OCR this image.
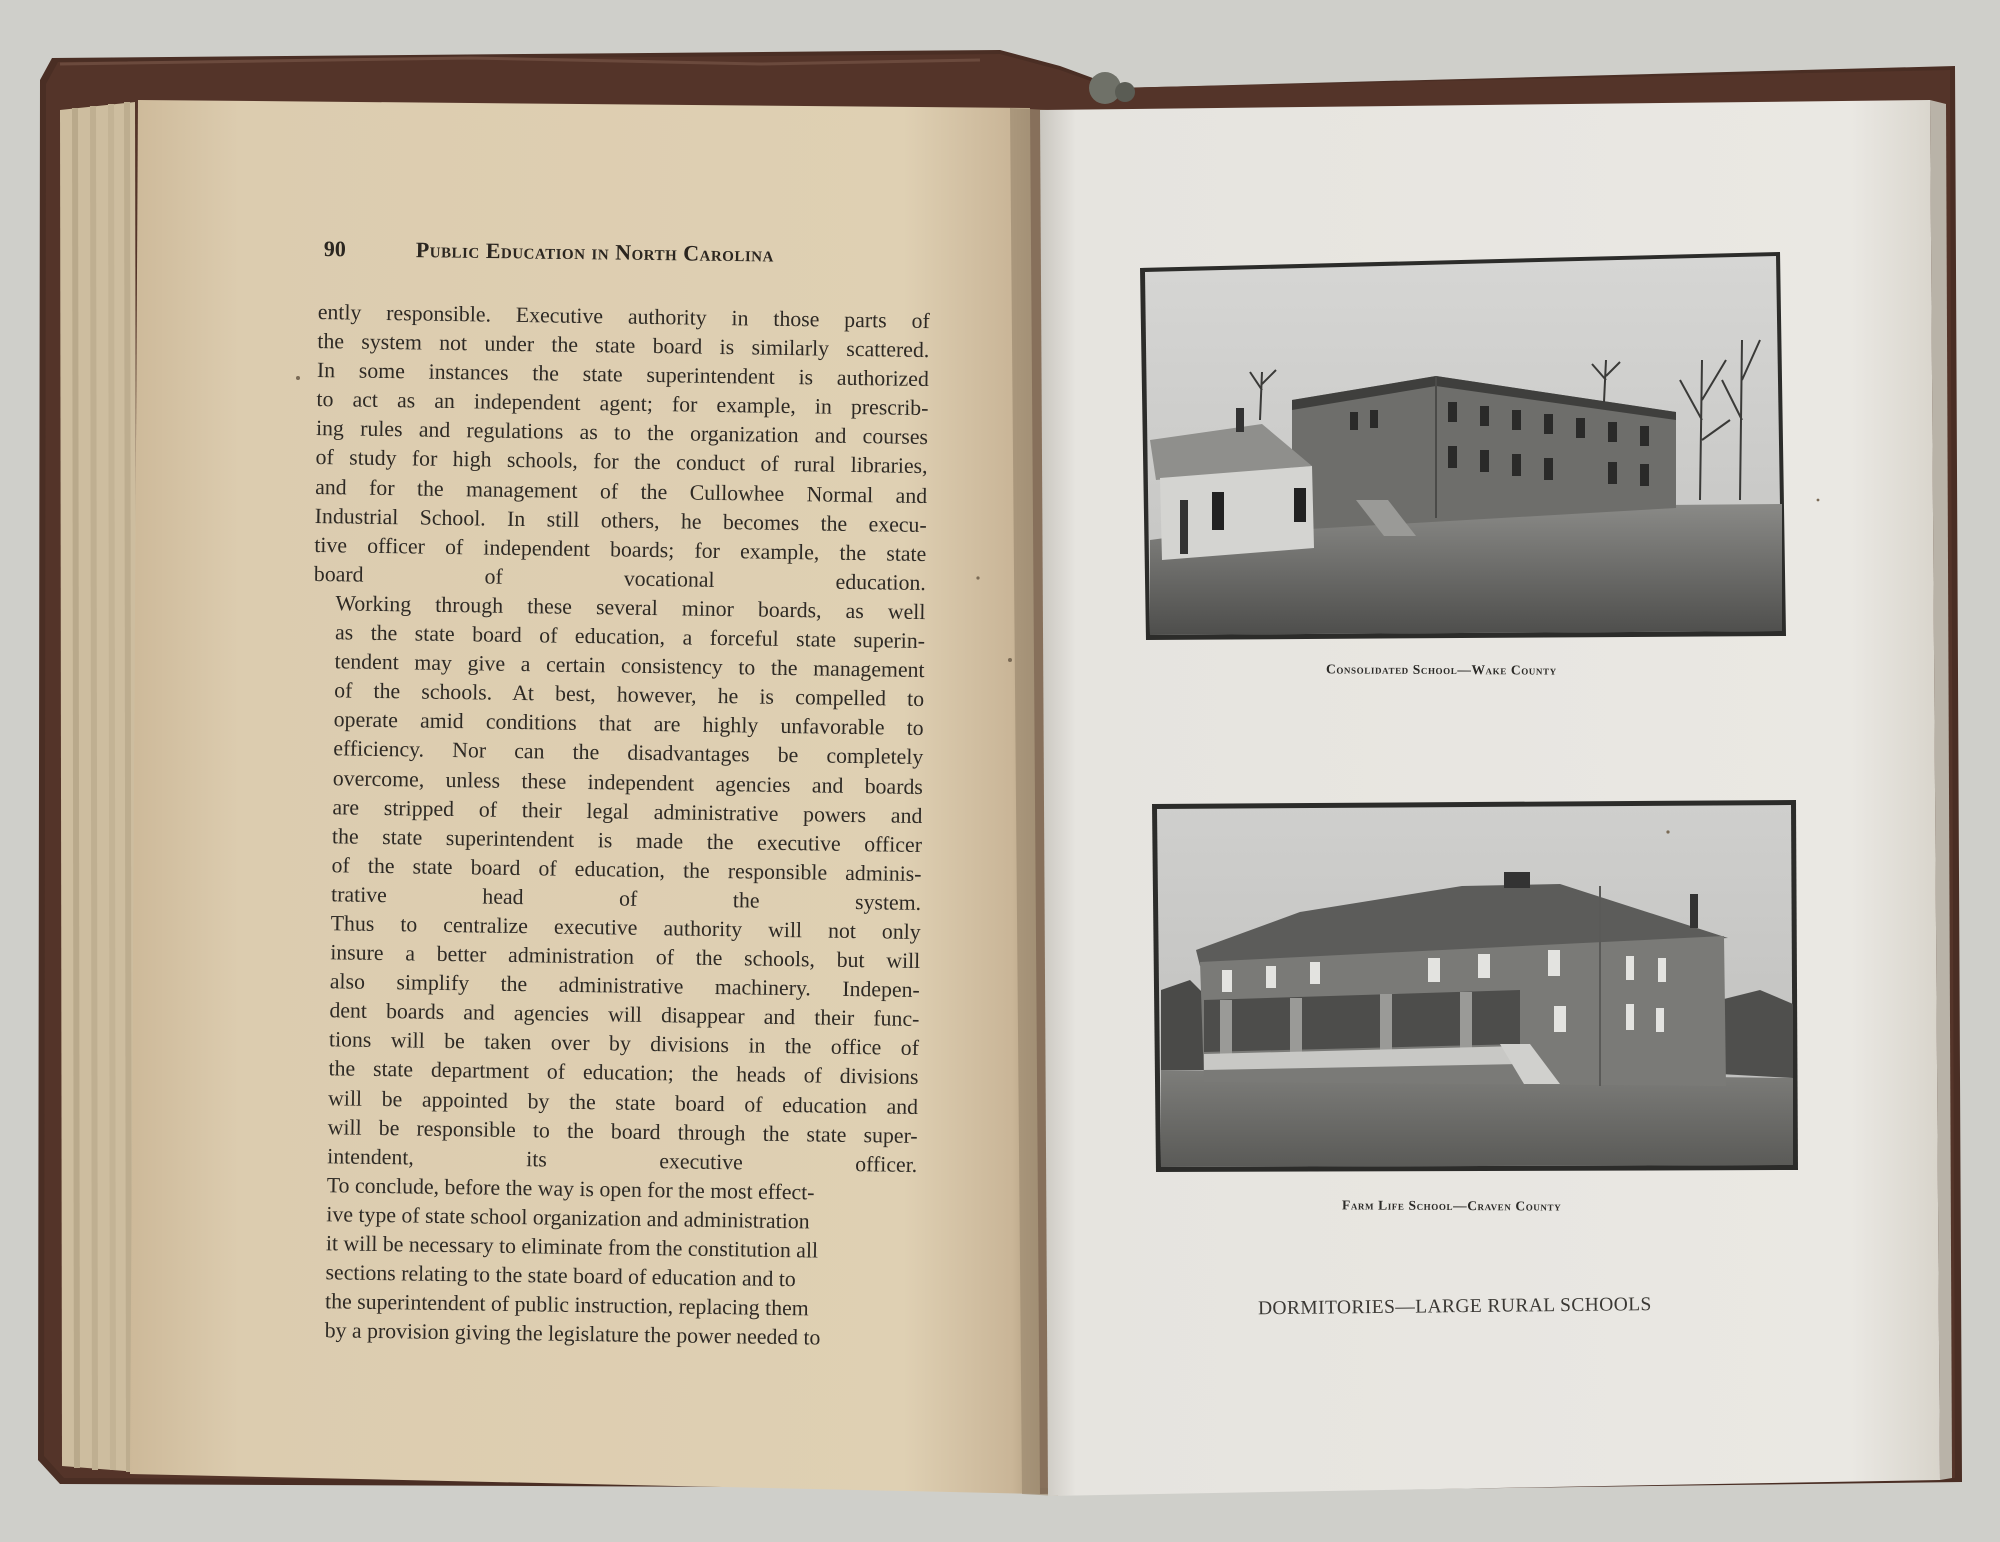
90	Public Education in North Carolina

ently responsible. Executive authority in those parts of
the system not under the state board is similarly scattered.
In some instances the state superintendent is authorized
to act as an independent agent; for example, in prescrib-
ing rules and regulations as to the organization and courses
of study for high schools, for the conduct of rural libraries,
and for the management of the Cullowhee Normal and
Industrial School. In still others, he becomes the execu-
tive officer of independent boards; for example, the state
board of vocational education.

Working through these several minor boards, as well
as the state board of education, a forceful state superin-
tendent may give a certain consistency to the management
of the schools. At best, however, he is compelled to
operate amid conditions that are highly unfavorable to
efficiency. Nor can the disadvantages be completely
overcome, unless these independent agencies and boards
are stripped of their legal administrative powers and
the state superintendent is made the executive officer
of the state board of education, the responsible adminis-
trative head of the system.

Thus to centralize executive authority will not only
insure a better administration of the schools, but will
also simplify the administrative machinery. Indepen-
dent boards and agencies will disappear and their func-
tions will be taken over by divisions in the office of
the state department of education; the heads of divisions
will be appointed by the state board of education and
will be responsible to the board through the state super-
intendent, its executive officer.

To conclude, before the way is open for the most effect-
ive type of state school organization and administration
it will be necessary to eliminate from the constitution all
sections relating to the state board of education and to
the superintendent of public instruction, replacing them
by a provision giving the legislature the power needed to

Consolidated School—Wake County
Farm Life School—Craven County
DORMITORIES—LARGE RURAL SCHOOLS
